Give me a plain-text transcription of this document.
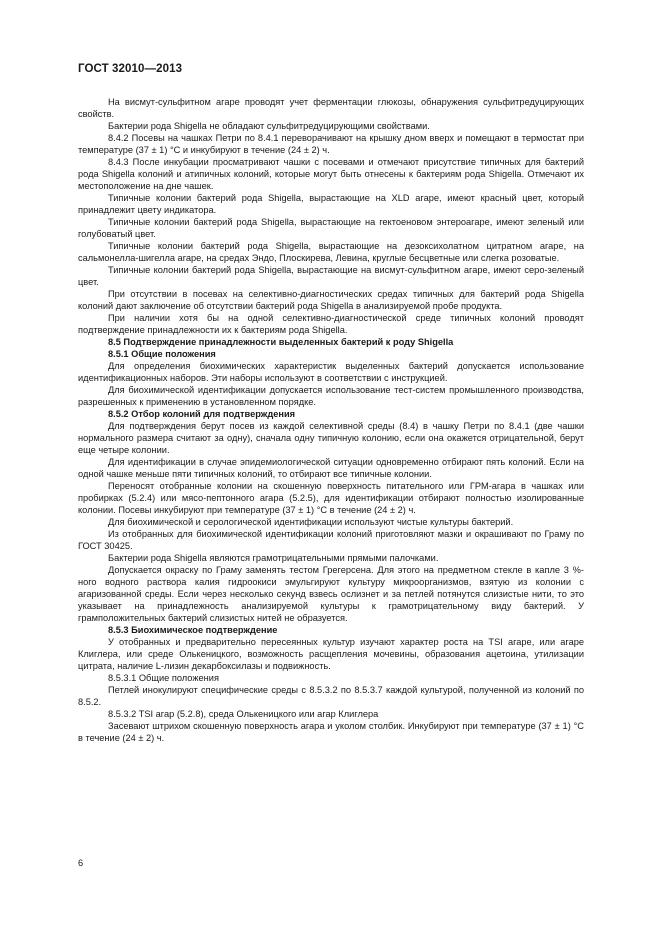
ГОСТ 32010—2013

На висмут-сульфитном агаре проводят учет ферментации глюкозы, обнаружения сульфитредуцирующих свойств.

Бактерии рода Shigella не обладают сульфитредуцирующими свойствами.

8.4.2 Посевы на чашках Петри по 8.4.1 переворачивают на крышку дном вверх и помещают в термостат при температуре (37 ± 1) °С и инкубируют в течение (24 ± 2) ч.

8.4.3 После инкубации просматривают чашки с посевами и отмечают присутствие типичных для бактерий рода Shigella колоний и атипичных колоний, которые могут быть отнесены к бактериям рода Shigella. Отмечают их местоположение на дне чашек.

Типичные колонии бактерий рода Shigella, вырастающие на XLD агаре, имеют красный цвет, который принадлежит цвету индикатора.

Типичные колонии бактерий рода Shigella, вырастающие на гектоеновом энтероагаре, имеют зеленый или голубоватый цвет.

Типичные колонии бактерий рода Shigella, вырастающие на дезоксихолатном цитратном агаре, на сальмонелла-шигелла агаре, на средах Эндо, Плоскирева, Левина, круглые бесцветные или слегка розоватые.

Типичные колонии бактерий рода Shigella, вырастающие на висмут-сульфитном агаре, имеют серо-зеленый цвет.

При отсутствии в посевах на селективно-диагностических средах типичных для бактерий рода Shigella колоний дают заключение об отсутствии бактерий рода Shigella в анализируемой пробе продукта.

При наличии хотя бы на одной селективно-диагностической среде типичных колоний проводят подтверждение принадлежности их к бактериям рода Shigella.

8.5 Подтверждение принадлежности выделенных бактерий к роду Shigella

8.5.1 Общие положения

Для определения биохимических характеристик выделенных бактерий допускается использование идентификационных наборов. Эти наборы используют в соответствии с инструкцией.

Для биохимической идентификации допускается использование тест-систем промышленного производства, разрешенных к применению в установленном порядке.

8.5.2 Отбор колоний для подтверждения

Для подтверждения берут посев из каждой селективной среды (8.4) в чашку Петри по 8.4.1 (две чашки нормального размера считают за одну), сначала одну типичную колонию, если она окажется отрицательной, берут еще четыре колонии.

Для идентификации в случае эпидемиологической ситуации одновременно отбирают пять колоний. Если на одной чашке меньше пяти типичных колоний, то отбирают все типичные колонии.

Переносят отобранные колонии на скошенную поверхность питательного или ГРМ-агара в чашках или пробирках (5.2.4) или мясо-пептонного агара (5.2.5), для идентификации отбирают полностью изолированные колонии. Посевы инкубируют при температуре (37 ± 1) °С в течение (24 ± 2) ч.

Для биохимической и серологической идентификации используют чистые культуры бактерий.

Из отобранных для биохимической идентификации колоний приготовляют мазки и окрашивают по Граму по ГОСТ 30425.

Бактерии рода Shigella являются грамотрицательными прямыми палочками.

Допускается окраску по Граму заменять тестом Грегерсена. Для этого на предметном стекле в капле 3 %-ного водного раствора калия гидроокиси эмульгируют культуру микроорганизмов, взятую из колонии с агаризованной среды. Если через несколько секунд взвесь ослизнет и за петлей потянутся слизистые нити, то это указывает на принадлежность анализируемой культуры к грамотрицательному виду бактерий. У грамположительных бактерий слизистых нитей не образуется.

8.5.3 Биохимическое подтверждение

У отобранных и предварительно пересеянных культур изучают характер роста на TSI агаре, или агаре Клиглера, или среде Олькеницкого, возможность расщепления мочевины, образования ацетоина, утилизации цитрата, наличие L-лизин декарбоксилазы и подвижность.

8.5.3.1 Общие положения

Петлей инокулируют специфические среды с 8.5.3.2 по 8.5.3.7 каждой культурой, полученной из колоний по 8.5.2.

8.5.3.2 TSI агар (5.2.8), среда Олькеницкого или агар Клиглера

Засевают штрихом скошенную поверхность агара и уколом столбик. Инкубируют при температуре (37 ± 1) °С в течение (24 ± 2) ч.

6
